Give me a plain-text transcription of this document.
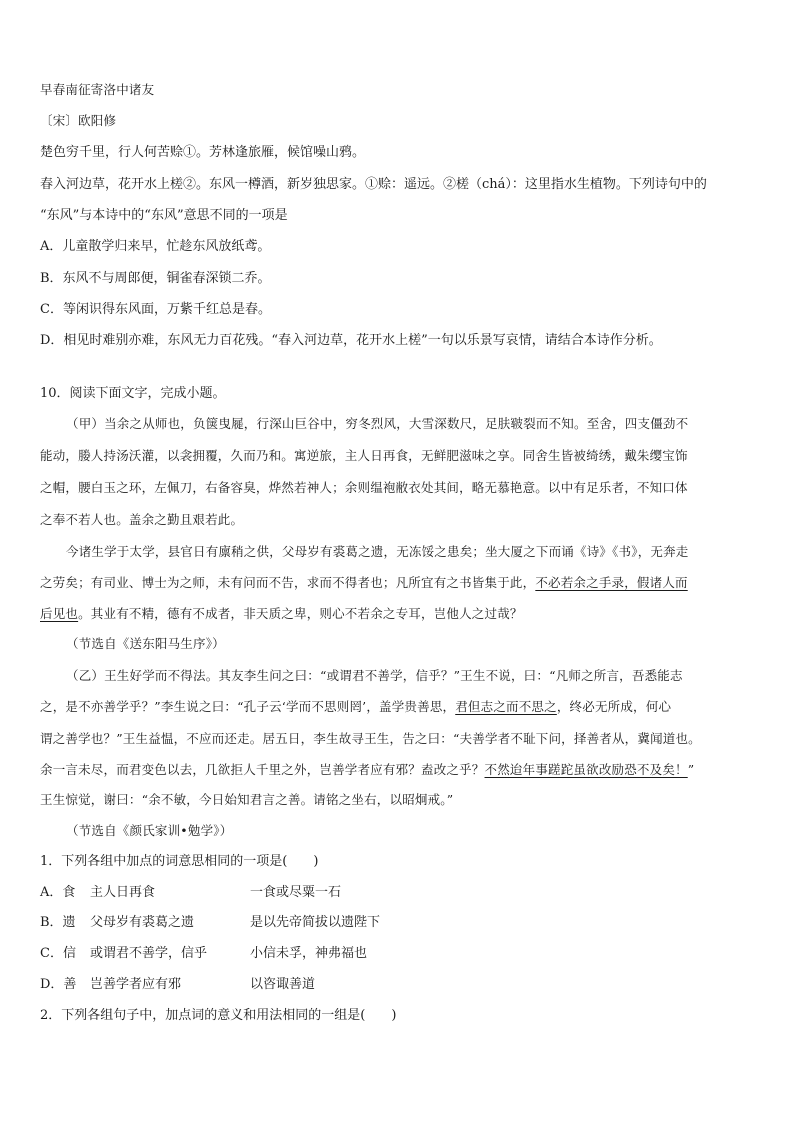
早春南征寄洛中诸友
〔宋〕欧阳修
楚色穷千里，行人何苦赊①。芳林逢旅雁，候馆噪山鸦。
春入河边草，花开水上槎②。东风一樽酒，新岁独思家。①赊：遥远。②槎（chá）：这里指水生植物。下列诗句中的
“东风”与本诗中的“东风”意思不同的一项是
A．儿童散学归来早，忙趁东风放纸鸢。
B．东风不与周郎便，铜雀春深锁二乔。
C．等闲识得东风面，万紫千红总是春。
D．相见时难别亦难，东风无力百花残。“春入河边草，花开水上槎”一句以乐景写哀情，请结合本诗作分析。
10．阅读下面文字，完成小题。
（甲）当余之从师也，负箧曳屣，行深山巨谷中，穷冬烈风，大雪深数尺，足肤皲裂而不知。至舍，四支僵劲不
能动，媵人持汤沃灌，以衾拥覆，久而乃和。寓逆旅，主人日再食，无鲜肥滋味之享。同舍生皆被绮绣，戴朱缨宝饰
之帽，腰白玉之环，左佩刀，右备容臭，烨然若神人；余则缊袍敝衣处其间，略无慕艳意。以中有足乐者，不知口体
之奉不若人也。盖余之勤且艰若此。
今诸生学于太学，县官日有廪稍之供，父母岁有裘葛之遗，无冻馁之患矣；坐大厦之下而诵《诗》《书》，无奔走
之劳矣；有司业、博士为之师，未有问而不告，求而不得者也；凡所宜有之书皆集于此，不必若余之手录，假诸人而
后见也。其业有不精，德有不成者，非天质之卑，则心不若余之专耳，岂他人之过哉？
（节选自《送东阳马生序》）
（乙）王生好学而不得法。其友李生问之曰：“或谓君不善学，信乎？”王生不说，曰：“凡师之所言，吾悉能志
之，是不亦善学乎？”李生说之曰：“孔子云‘学而不思则罔’，盖学贵善思，君但志之而不思之，终必无所成，何心
谓之善学也？”王生益愠，不应而还走。居五日，李生故寻王生，告之曰：“夫善学者不耻下问，择善者从，冀闻道也。
余一言未尽，而君变色以去，几欲拒人千里之外，岂善学者应有邪？盍改之乎？不然迨年事蹉跎虽欲改励恐不及矣！”
王生惊觉，谢曰：“余不敏，今日始知君言之善。请铭之坐右，以昭炯戒。”
（节选自《颜氏家训•勉学》）
1．下列各组中加点的词意思相同的一项是(　　)
A．食 主人日再食	一食或尽粟一石
B．遗 父母岁有裘葛之遗	是以先帝简拔以遗陛下
C．信 或谓君不善学，信乎	小信未孚，神弗福也
D．善 岂善学者应有邪	以咨诹善道
2．下列各组句子中，加点词的意义和用法相同的一组是(　　)
